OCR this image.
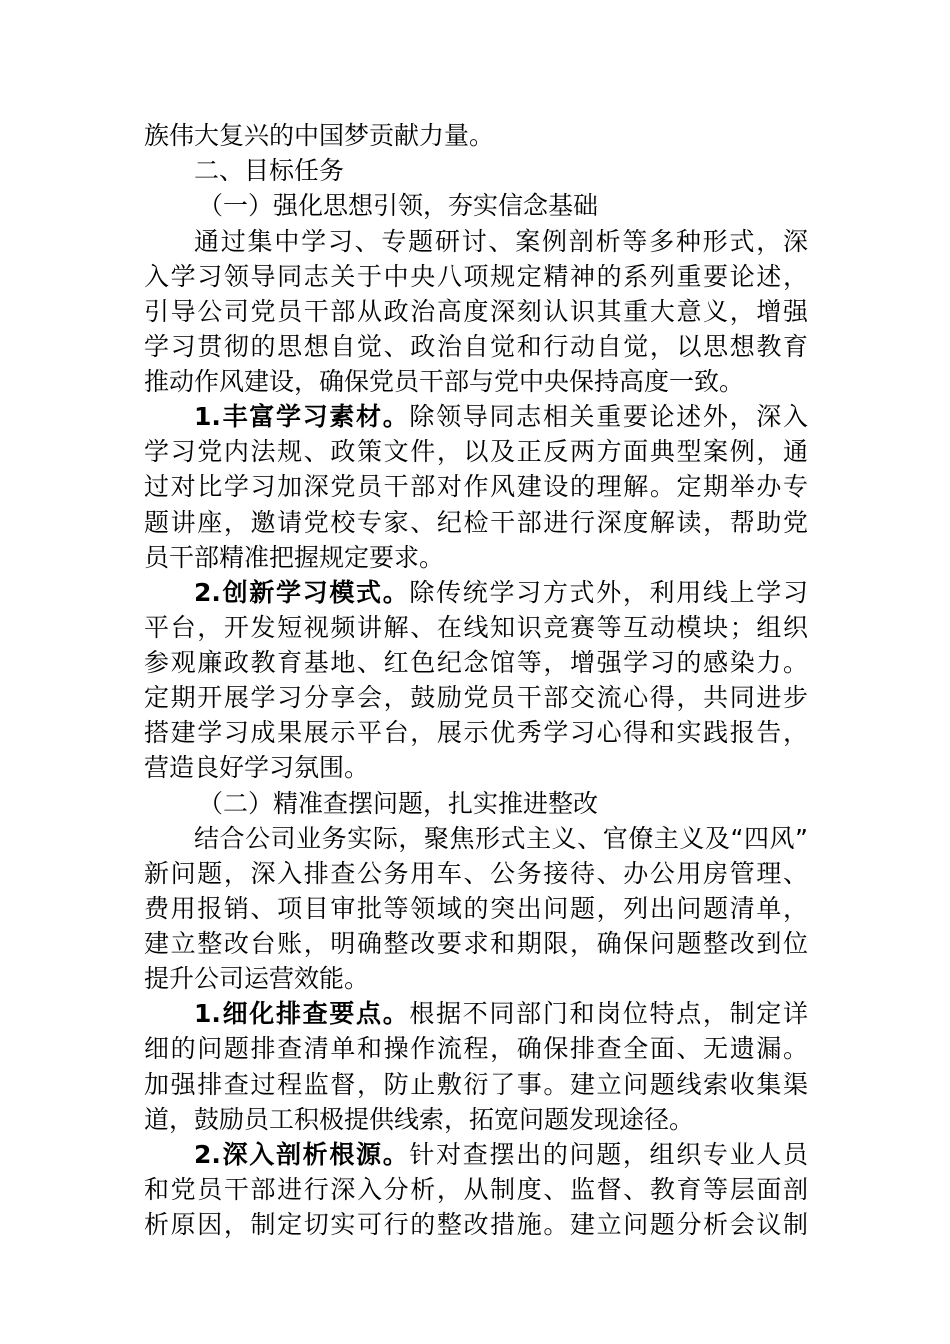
族伟大复兴的中国梦贡献力量。
二、目标任务
（一）强化思想引领，夯实信念基础
通过集中学习、专题研讨、案例剖析等多种形式，深
入学习领导同志关于中央八项规定精神的系列重要论述，
引导公司党员干部从政治高度深刻认识其重大意义，增强
学习贯彻的思想自觉、政治自觉和行动自觉，以思想教育
推动作风建设，确保党员干部与党中央保持高度一致。
1.丰富学习素材。除领导同志相关重要论述外，深入
学习党内法规、政策文件，以及正反两方面典型案例，通
过对比学习加深党员干部对作风建设的理解。定期举办专
题讲座，邀请党校专家、纪检干部进行深度解读，帮助党
员干部精准把握规定要求。
2.创新学习模式。除传统学习方式外，利用线上学习
平台，开发短视频讲解、在线知识竞赛等互动模块；组织
参观廉政教育基地、红色纪念馆等，增强学习的感染力。
定期开展学习分享会，鼓励党员干部交流心得，共同进步
搭建学习成果展示平台，展示优秀学习心得和实践报告，
营造良好学习氛围。
（二）精准查摆问题，扎实推进整改
结合公司业务实际，聚焦形式主义、官僚主义及“四风”
新问题，深入排查公务用车、公务接待、办公用房管理、
费用报销、项目审批等领域的突出问题，列出问题清单，
建立整改台账，明确整改要求和期限，确保问题整改到位
提升公司运营效能。
1.细化排查要点。根据不同部门和岗位特点，制定详
细的问题排查清单和操作流程，确保排查全面、无遗漏。
加强排查过程监督，防止敷衍了事。建立问题线索收集渠
道，鼓励员工积极提供线索，拓宽问题发现途径。
2.深入剖析根源。针对查摆出的问题，组织专业人员
和党员干部进行深入分析，从制度、监督、教育等层面剖
析原因，制定切实可行的整改措施。建立问题分析会议制
